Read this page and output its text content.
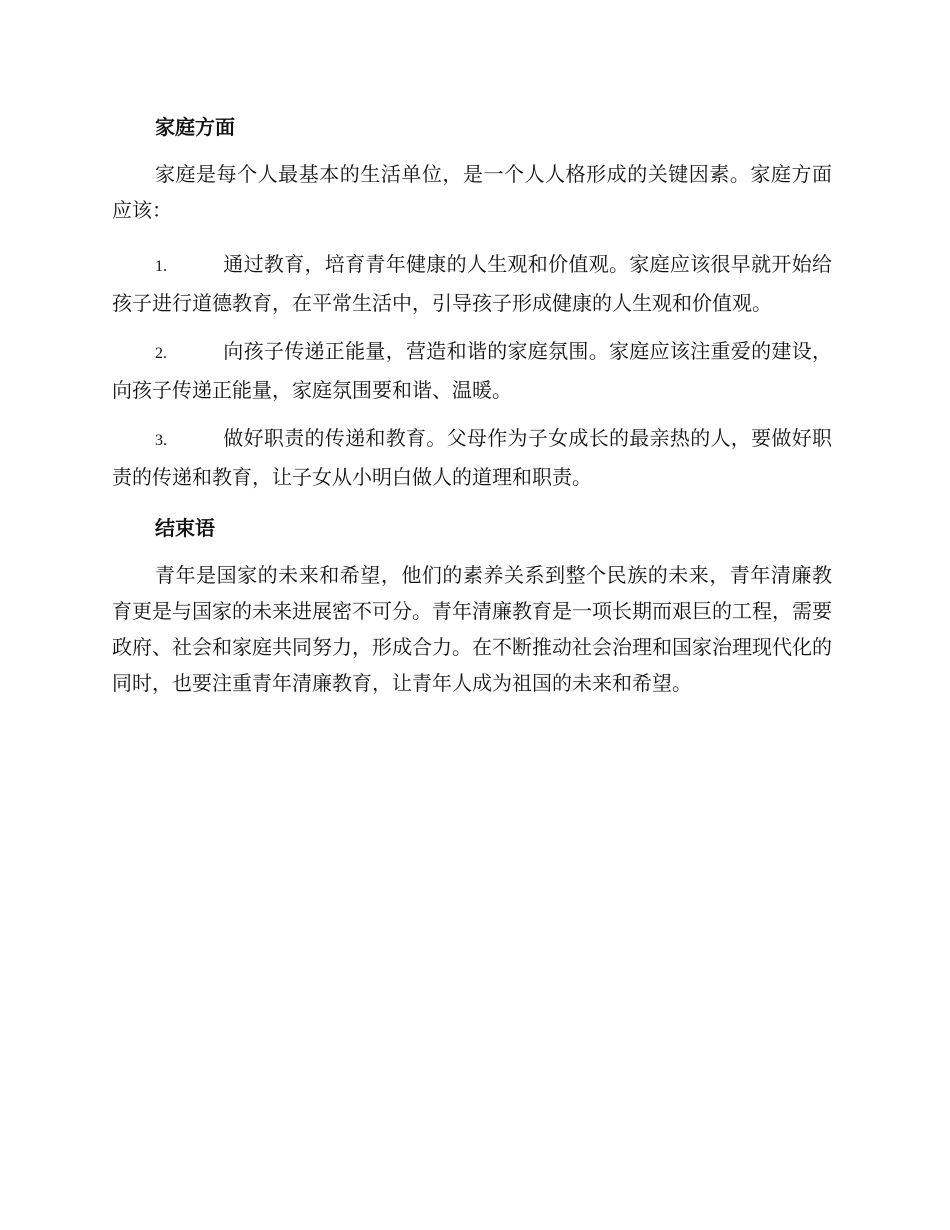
家庭方面

家庭是每个人最基本的生活单位，是一个人人格形成的关键因素。家庭方面应该：

1.	通过教育，培育青年健康的人生观和价值观。家庭应该很早就开始给孩子进行道德教育，在平常生活中，引导孩子形成健康的人生观和价值观。

2.	向孩子传递正能量，营造和谐的家庭氛围。家庭应该注重爱的建设，向孩子传递正能量，家庭氛围要和谐、温暖。

3.	做好职责的传递和教育。父母作为子女成长的最亲热的人，要做好职责的传递和教育，让子女从小明白做人的道理和职责。

结束语

青年是国家的未来和希望，他们的素养关系到整个民族的未来，青年清廉教育更是与国家的未来进展密不可分。青年清廉教育是一项长期而艰巨的工程，需要政府、社会和家庭共同努力，形成合力。在不断推动社会治理和国家治理现代化的同时，也要注重青年清廉教育，让青年人成为祖国的未来和希望。
